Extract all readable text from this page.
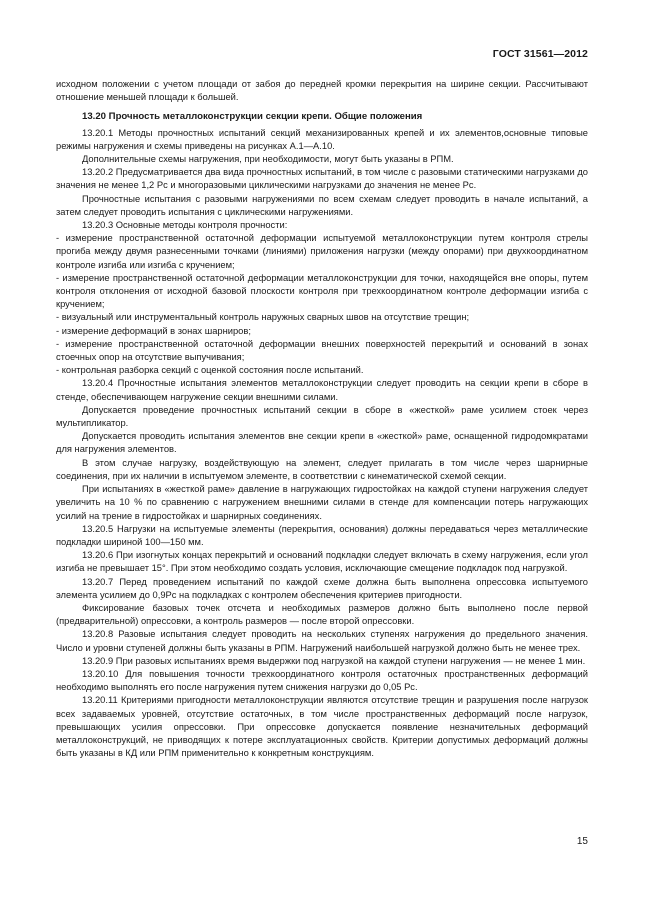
ГОСТ 31561—2012

исходном положении с учетом площади от забоя до передней кромки перекрытия на ширине секции. Рассчитывают отношение меньшей площади к большей.

13.20 Прочность металлоконструкции секции крепи. Общие положения

13.20.1 Методы прочностных испытаний секций механизированных крепей и их элементов,основные типовые режимы нагружения и схемы приведены на рисунках А.1—А.10.

Дополнительные схемы нагружения, при необходимости, могут быть указаны в РПМ.

13.20.2 Предусматривается два вида прочностных испытаний, в том числе с разовыми статическими нагрузками до значения не менее 1,2 Pc и многоразовыми циклическими нагрузками до значения не менее Pc.

Прочностные испытания с разовыми нагружениями по всем схемам следует проводить в начале испытаний, а затем следует проводить испытания с циклическими нагружениями.

13.20.3 Основные методы контроля прочности:

- измерение пространственной остаточной деформации испытуемой металлоконструкции путем контроля стрелы прогиба между двумя разнесенными точками (линиями) приложения нагрузки (между опорами) при двухкоординатном контроле изгиба или изгиба с кручением;

- измерение пространственной остаточной деформации металлоконструкции для точки, находящейся вне опоры, путем контроля отклонения от исходной базовой плоскости контроля при трехкоординатном контроле деформации изгиба с кручением;

- визуальный или инструментальный контроль наружных сварных швов на отсутствие трещин;

- измерение деформаций в зонах шарниров;

- измерение пространственной остаточной деформации внешних поверхностей перекрытий и оснований в зонах стоечных опор на отсутствие выпучивания;

- контрольная разборка секций с оценкой состояния после испытаний.

13.20.4 Прочностные испытания элементов металлоконструкции следует проводить на секции крепи в сборе в стенде, обеспечивающем нагружение секции внешними силами.

Допускается проведение прочностных испытаний секции в сборе в «жесткой» раме усилием стоек через мультипликатор.

Допускается проводить испытания элементов вне секции крепи в «жесткой» раме, оснащенной гидродомкратами для нагружения элементов.

В этом случае нагрузку, воздействующую на элемент, следует прилагать в том числе через шарнирные соединения, при их наличии в испытуемом элементе, в соответствии с кинематической схемой секции.

При испытаниях в «жесткой раме» давление в нагружающих гидростойках на каждой ступени нагружения следует увеличить на 10 % по сравнению с нагружением внешними силами в стенде для компенсации потерь нагружающих усилий на трение в гидростойках и шарнирных соединениях.

13.20.5 Нагрузки на испытуемые элементы (перекрытия, основания) должны передаваться через металлические подкладки шириной 100—150 мм.

13.20.6 При изогнутых концах перекрытий и оснований подкладки следует включать в схему нагружения, если угол изгиба не превышает 15°. При этом необходимо создать условия, исключающие смещение подкладок под нагрузкой.

13.20.7 Перед проведением испытаний по каждой схеме должна быть выполнена опрессовка испытуемого элемента усилием до 0,9Pc на подкладках с контролем обеспечения критериев пригодности.

Фиксирование базовых точек отсчета и необходимых размеров должно быть выполнено после первой (предварительной) опрессовки, а контроль размеров — после второй опрессовки.

13.20.8 Разовые испытания следует проводить на нескольких ступенях нагружения до предельного значения. Число и уровни ступеней должны быть указаны в РПМ. Нагружений наибольшей нагрузкой должно быть не менее трех.

13.20.9 При разовых испытаниях время выдержки под нагрузкой на каждой ступени нагружения — не менее 1 мин.

13.20.10 Для повышения точности трехкоординатного контроля остаточных пространственных деформаций необходимо выполнять его после нагружения путем снижения нагрузки до 0,05 Pc.

13.20.11 Критериями пригодности металлоконструкции являются отсутствие трещин и разрушения после нагрузок всех задаваемых уровней, отсутствие остаточных, в том числе пространственных деформаций после нагрузок, превышающих усилия опрессовки. При опрессовке допускается появление незначительных деформаций металлоконструкций, не приводящих к потере эксплуатационных свойств. Критерии допустимых деформаций должны быть указаны в КД или РПМ применительно к конкретным конструкциям.

15
